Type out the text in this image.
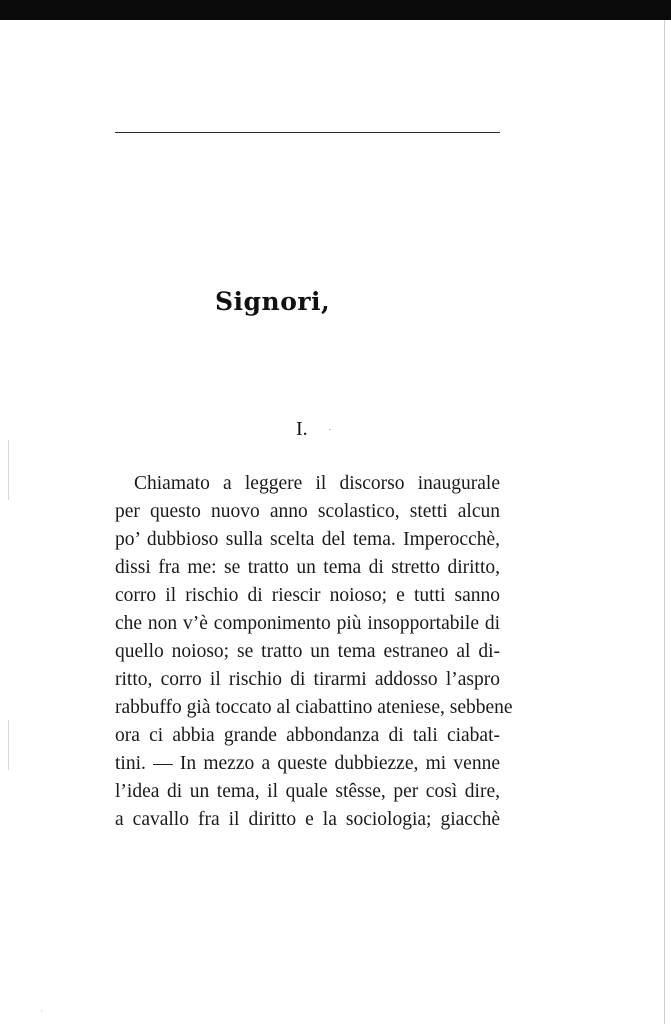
Signori,
I. ·
Chiamato a leggere il discorso inaugurale
per questo nuovo anno scolastico, stetti alcun
po’ dubbioso sulla scelta del tema. Imperocchè,
dissi fra me: se tratto un tema di stretto diritto,
corro il rischio di riescir noioso; e tutti sanno
che non v’è componimento più insopportabile di
quello noioso; se tratto un tema estraneo al di-
ritto, corro il rischio di tirarmi addosso l’aspro
rabbuffo già toccato al ciabattino ateniese, sebbene
ora ci abbia grande abbondanza di tali ciabat-
tini. — In mezzo a queste dubbiezze, mi venne
l’idea di un tema, il quale stêsse, per così dire,
a cavallo fra il diritto e la sociologia; giacchè
·
